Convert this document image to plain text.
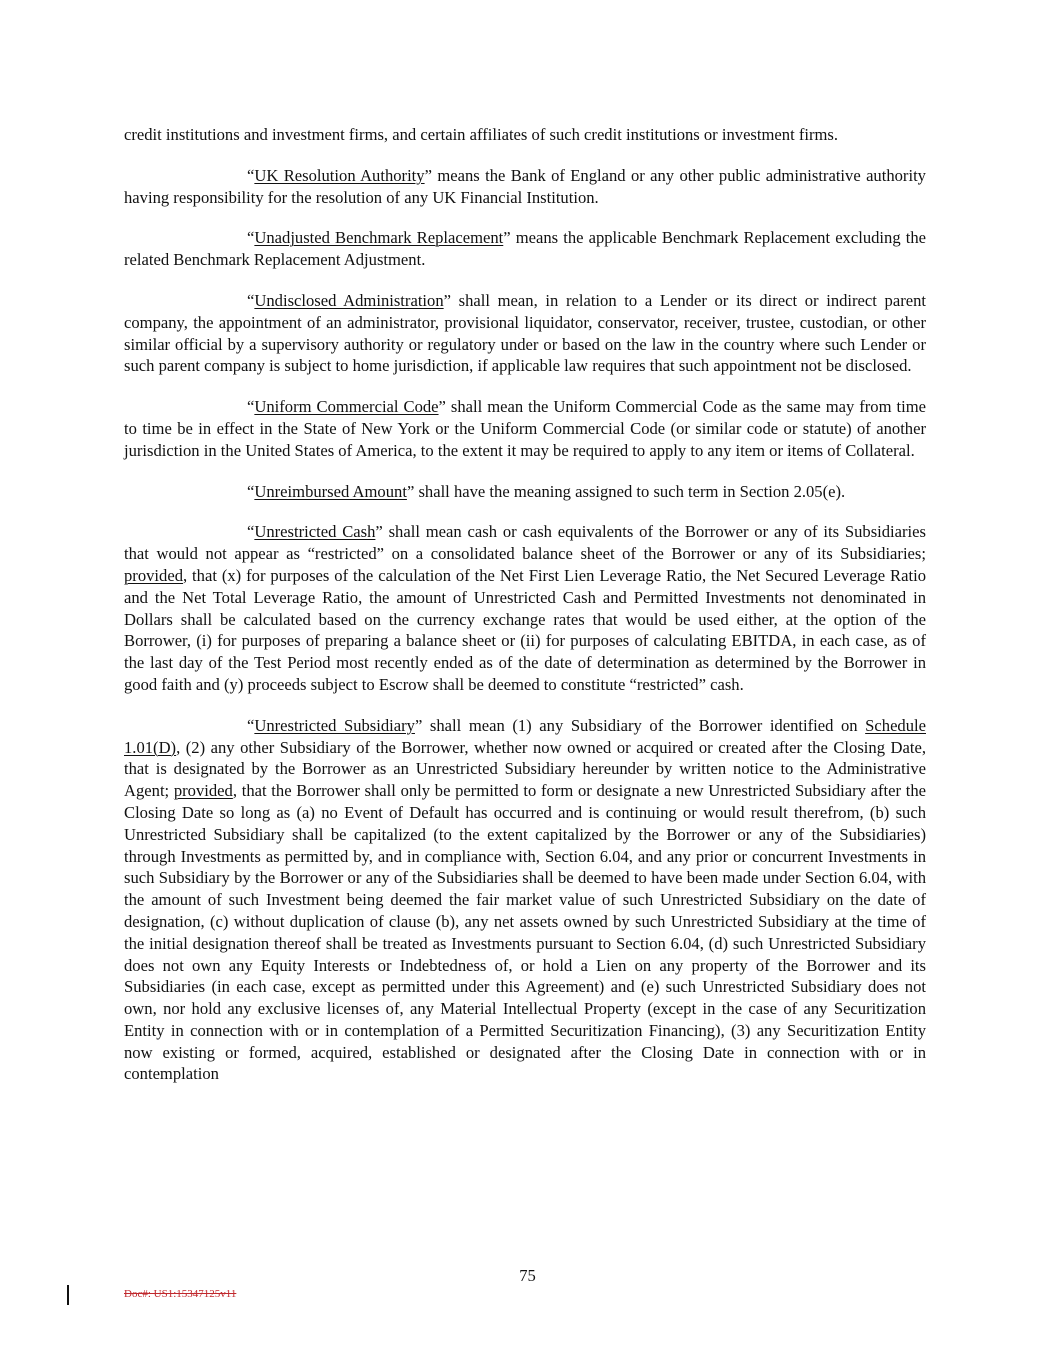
credit institutions and investment firms, and certain affiliates of such credit institutions or investment firms.

“UK Resolution Authority” means the Bank of England or any other public administrative authority having responsibility for the resolution of any UK Financial Institution.

“Unadjusted Benchmark Replacement” means the applicable Benchmark Replacement excluding the related Benchmark Replacement Adjustment.

“Undisclosed Administration” shall mean, in relation to a Lender or its direct or indirect parent company, the appointment of an administrator, provisional liquidator, conservator, receiver, trustee, custodian, or other similar official by a supervisory authority or regulatory under or based on the law in the country where such Lender or such parent company is subject to home jurisdiction, if applicable law requires that such appointment not be disclosed.

“Uniform Commercial Code” shall mean the Uniform Commercial Code as the same may from time to time be in effect in the State of New York or the Uniform Commercial Code (or similar code or statute) of another jurisdiction in the United States of America, to the extent it may be required to apply to any item or items of Collateral.

“Unreimbursed Amount” shall have the meaning assigned to such term in Section 2.05(e).

“Unrestricted Cash” shall mean cash or cash equivalents of the Borrower or any of its Subsidiaries that would not appear as “restricted” on a consolidated balance sheet of the Borrower or any of its Subsidiaries; provided, that (x) for purposes of the calculation of the Net First Lien Leverage Ratio, the Net Secured Leverage Ratio and the Net Total Leverage Ratio, the amount of Unrestricted Cash and Permitted Investments not denominated in Dollars shall be calculated based on the currency exchange rates that would be used either, at the option of the Borrower, (i) for purposes of preparing a balance sheet or (ii) for purposes of calculating EBITDA, in each case, as of the last day of the Test Period most recently ended as of the date of determination as determined by the Borrower in good faith and (y) proceeds subject to Escrow shall be deemed to constitute “restricted” cash.

“Unrestricted Subsidiary” shall mean (1) any Subsidiary of the Borrower identified on Schedule 1.01(D), (2) any other Subsidiary of the Borrower, whether now owned or acquired or created after the Closing Date, that is designated by the Borrower as an Unrestricted Subsidiary hereunder by written notice to the Administrative Agent; provided, that the Borrower shall only be permitted to form or designate a new Unrestricted Subsidiary after the Closing Date so long as (a) no Event of Default has occurred and is continuing or would result therefrom, (b) such Unrestricted Subsidiary shall be capitalized (to the extent capitalized by the Borrower or any of the Subsidiaries) through Investments as permitted by, and in compliance with, Section 6.04, and any prior or concurrent Investments in such Subsidiary by the Borrower or any of the Subsidiaries shall be deemed to have been made under Section 6.04, with the amount of such Investment being deemed the fair market value of such Unrestricted Subsidiary on the date of designation, (c) without duplication of clause (b), any net assets owned by such Unrestricted Subsidiary at the time of the initial designation thereof shall be treated as Investments pursuant to Section 6.04, (d) such Unrestricted Subsidiary does not own any Equity Interests or Indebtedness of, or hold a Lien on any property of the Borrower and its Subsidiaries (in each case, except as permitted under this Agreement) and (e) such Unrestricted Subsidiary does not own, nor hold any exclusive licenses of, any Material Intellectual Property (except in the case of any Securitization Entity in connection with or in contemplation of a Permitted Securitization Financing), (3) any Securitization Entity now existing or formed, acquired, established or designated after the Closing Date in connection with or in contemplation

75
Doc#: US1:15347125v11
